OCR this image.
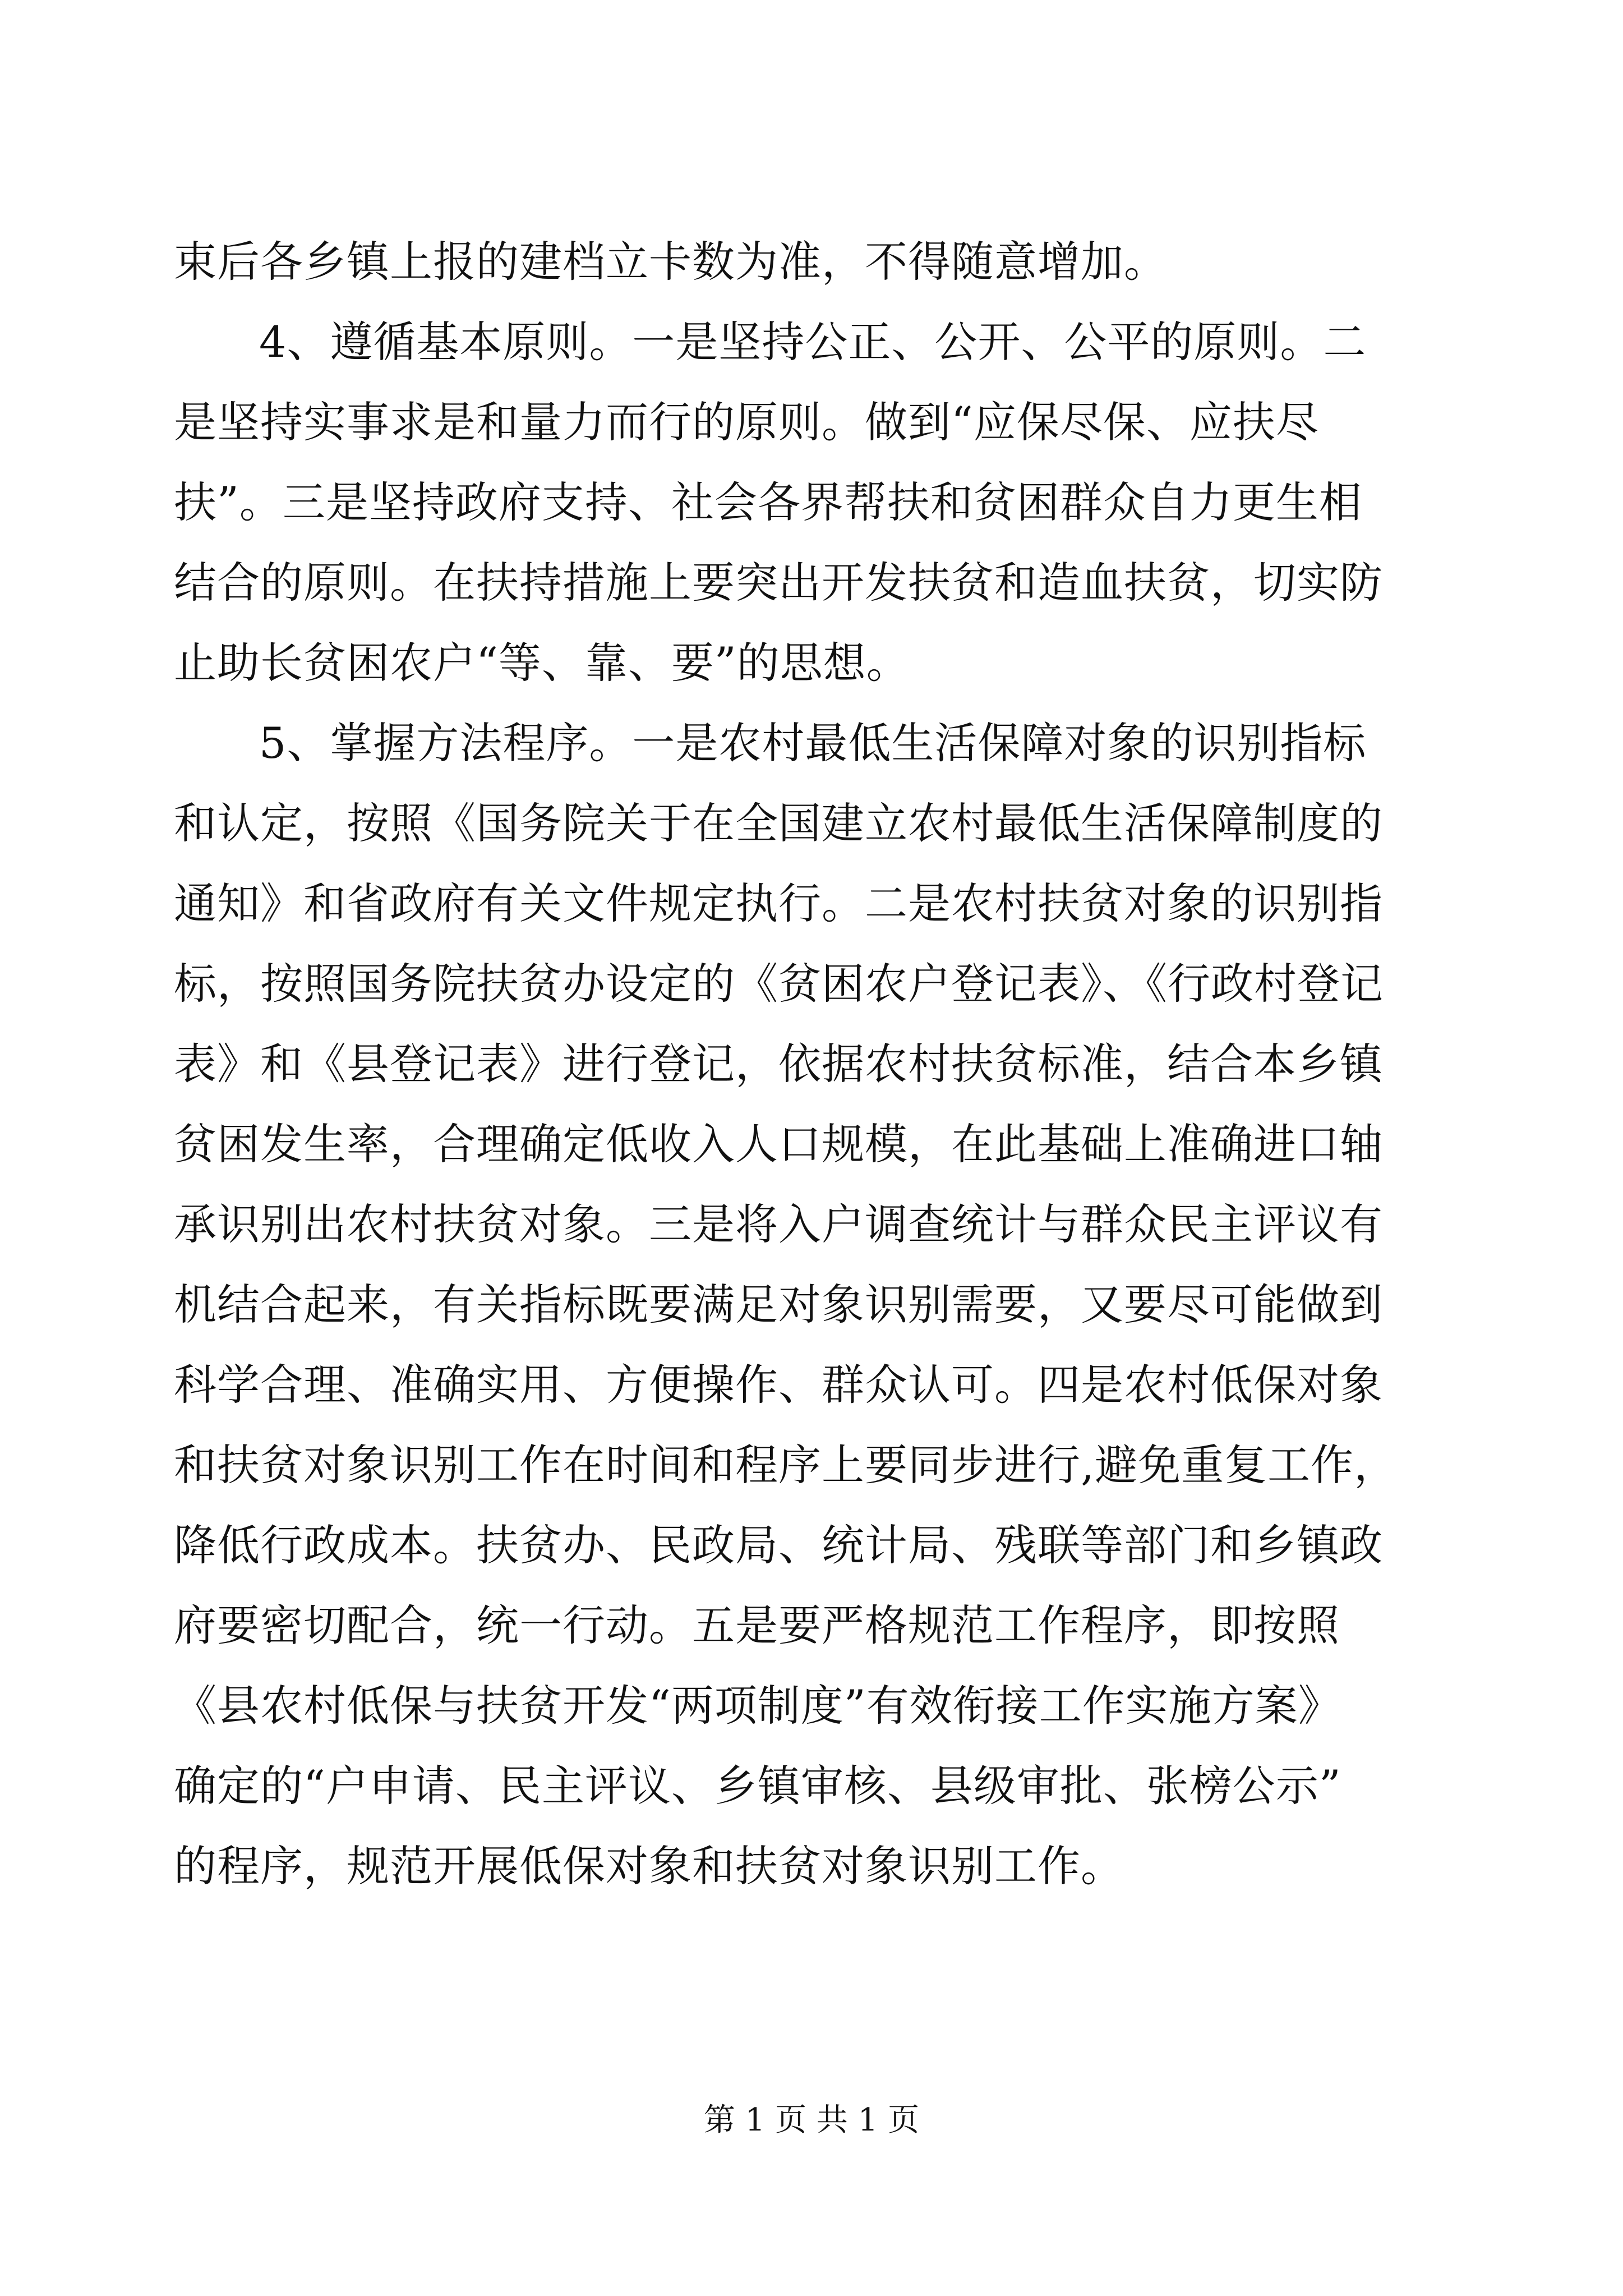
束后各乡镇上报的建档立卡数为准，不得随意增加。
4、遵循基本原则。一是坚持公正、公开、公平的原则。二
是坚持实事求是和量力而行的原则。做到“应保尽保、应扶尽
扶”。三是坚持政府支持、社会各界帮扶和贫困群众自力更生相
结合的原则。在扶持措施上要突出开发扶贫和造血扶贫，切实防
止助长贫困农户“等、靠、要”的思想。
5、掌握方法程序。一是农村最低生活保障对象的识别指标
和认定，按照《国务院关于在全国建立农村最低生活保障制度的
通知》和省政府有关文件规定执行。二是农村扶贫对象的识别指
标，按照国务院扶贫办设定的《贫困农户登记表》、《行政村登记
表》和《县登记表》进行登记，依据农村扶贫标准，结合本乡镇
贫困发生率，合理确定低收入人口规模，在此基础上准确进口轴
承识别出农村扶贫对象。三是将入户调查统计与群众民主评议有
机结合起来，有关指标既要满足对象识别需要，又要尽可能做到
科学合理、准确实用、方便操作、群众认可。四是农村低保对象
和扶贫对象识别工作在时间和程序上要同步进行,避免重复工作，
降低行政成本。扶贫办、民政局、统计局、残联等部门和乡镇政
府要密切配合，统一行动。五是要严格规范工作程序，即按照
《县农村低保与扶贫开发“两项制度”有效衔接工作实施方案》
确定的“户申请、民主评议、乡镇审核、县级审批、张榜公示”
的程序，规范开展低保对象和扶贫对象识别工作。
第 1 页 共 1 页
